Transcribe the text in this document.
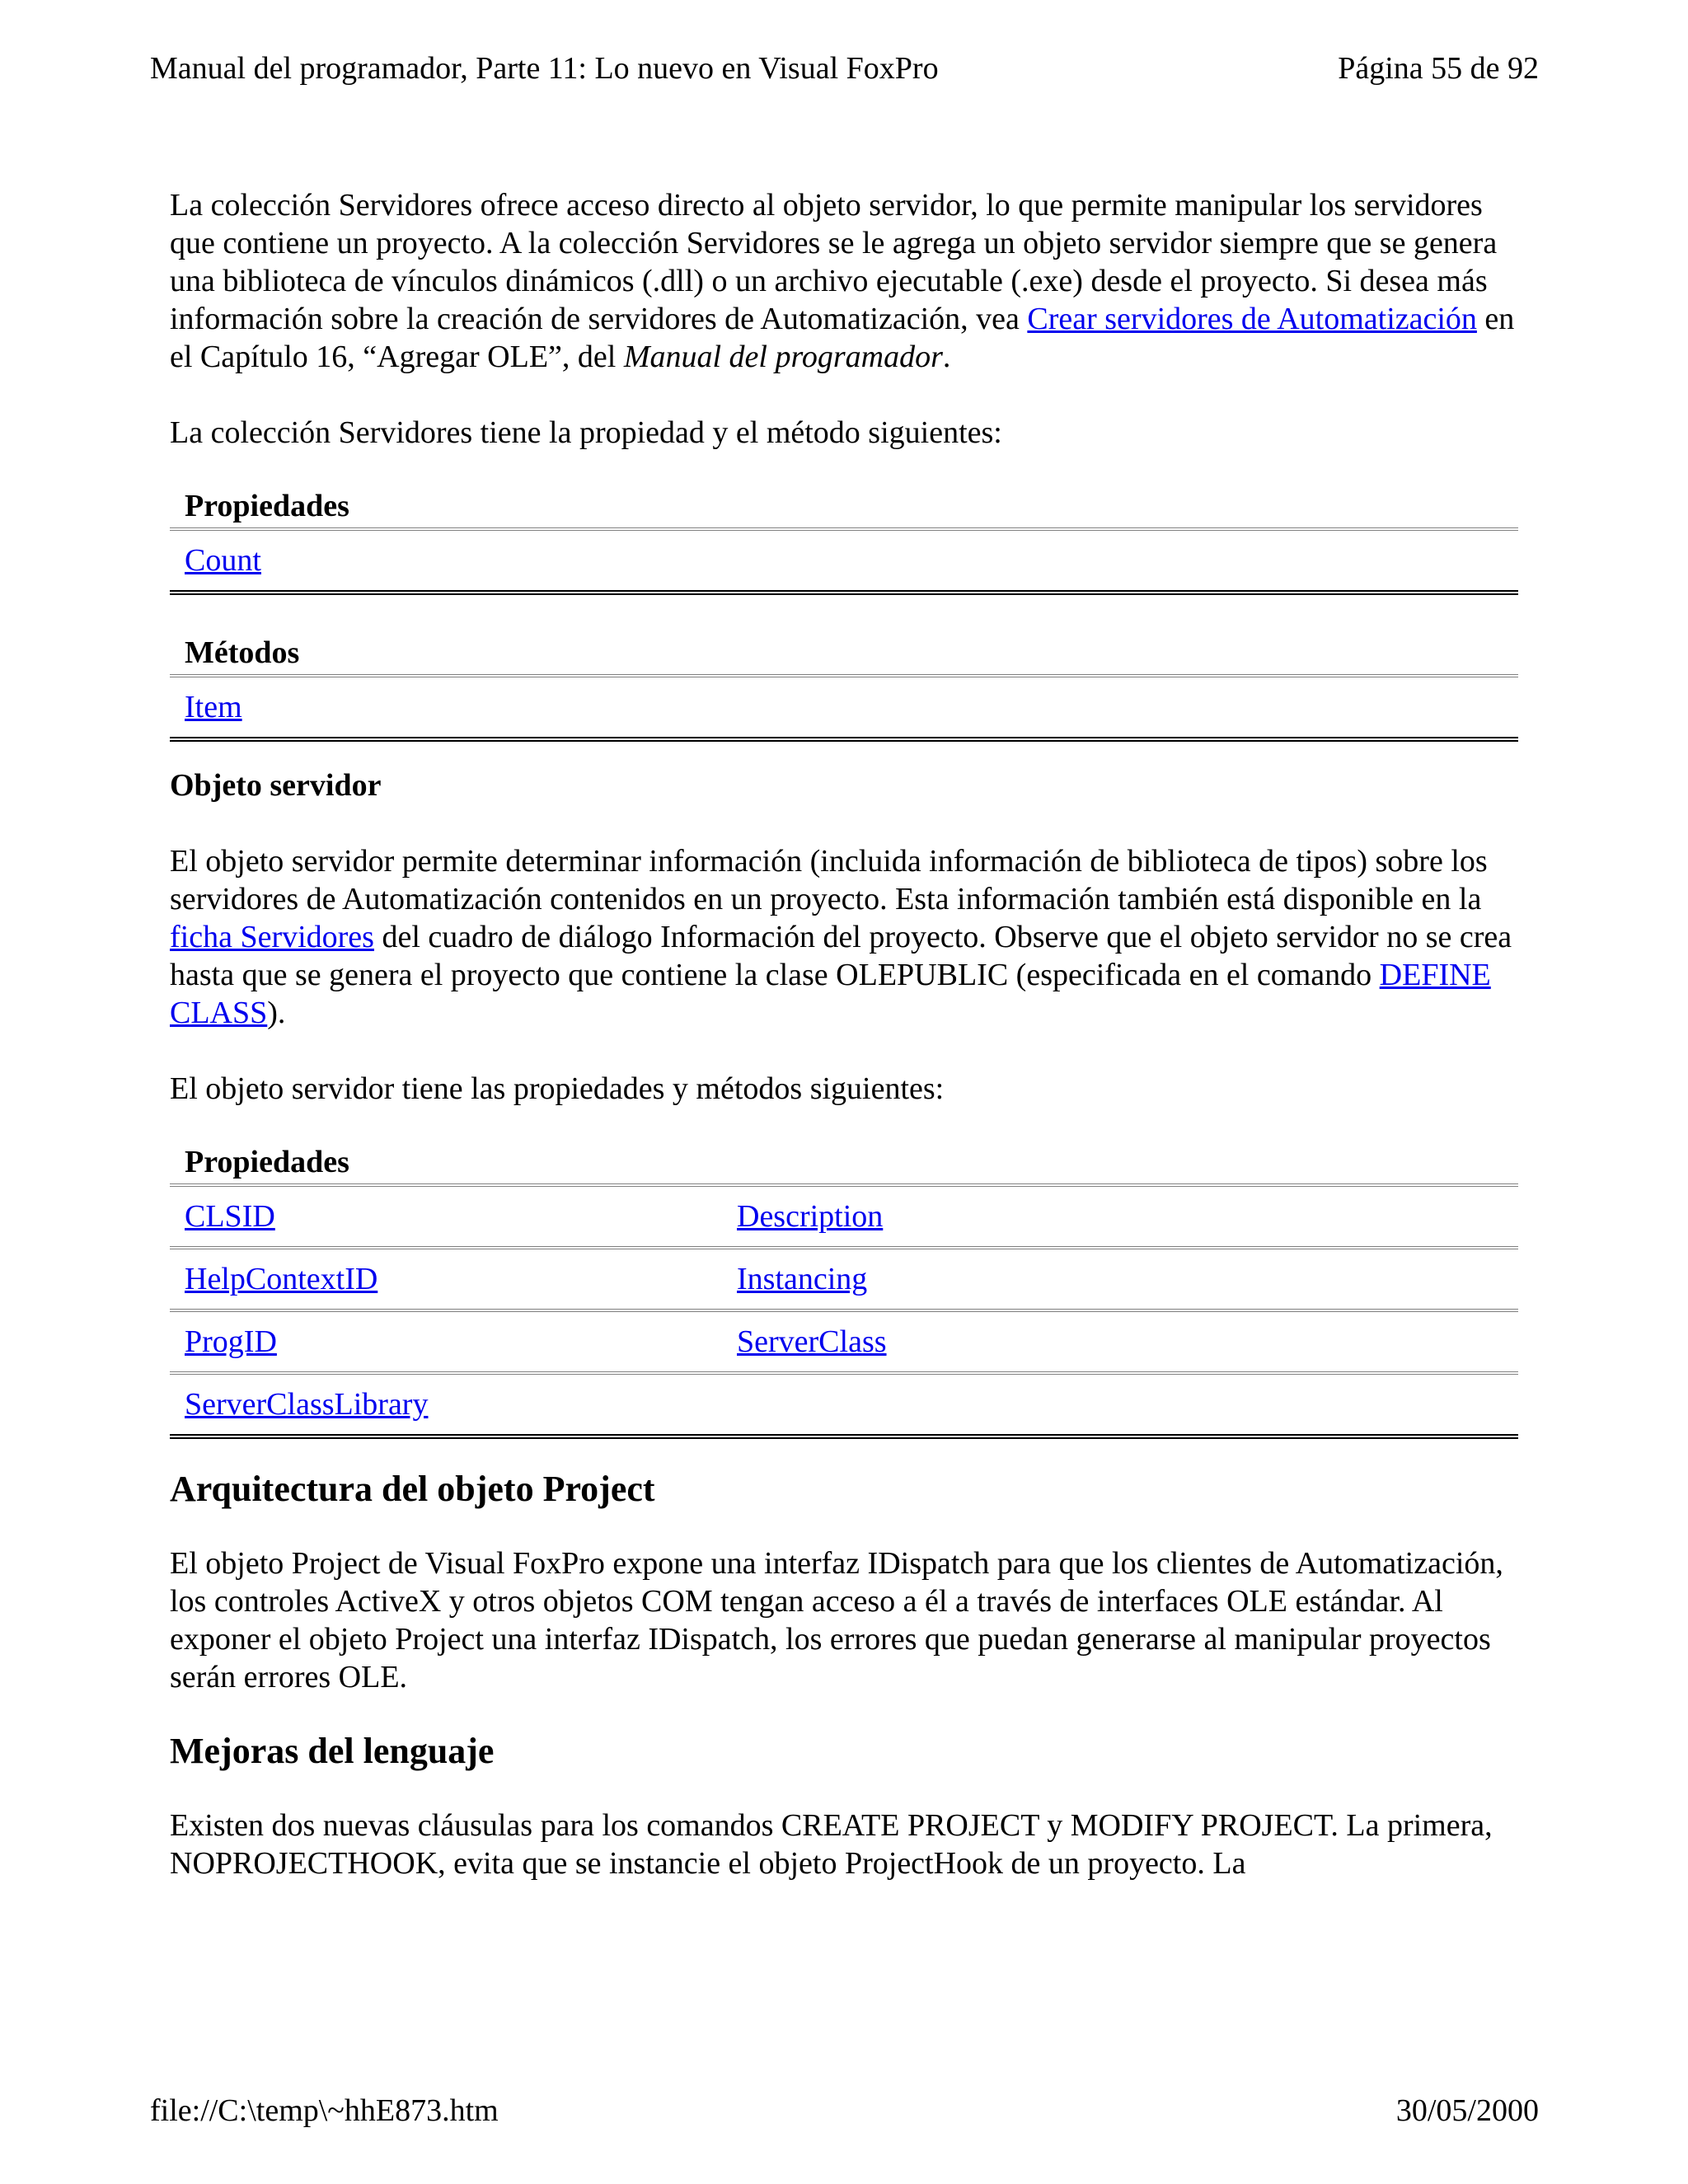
Manual del programador, Parte 11: Lo nuevo en Visual FoxPro	Página 55 de 92

La colección Servidores ofrece acceso directo al objeto servidor, lo que permite manipular los servidores que contiene un proyecto. A la colección Servidores se le agrega un objeto servidor siempre que se genera una biblioteca de vínculos dinámicos (.dll) o un archivo ejecutable (.exe) desde el proyecto. Si desea más información sobre la creación de servidores de Automatización, vea Crear servidores de Automatización en el Capítulo 16, “Agregar OLE”, del Manual del programador.

La colección Servidores tiene la propiedad y el método siguientes:

Propiedades
Count
Métodos
Item
Objeto servidor

El objeto servidor permite determinar información (incluida información de biblioteca de tipos) sobre los servidores de Automatización contenidos en un proyecto. Esta información también está disponible en la ficha Servidores del cuadro de diálogo Información del proyecto. Observe que el objeto servidor no se crea hasta que se genera el proyecto que contiene la clase OLEPUBLIC (especificada en el comando DEFINE CLASS).

El objeto servidor tiene las propiedades y métodos siguientes:

Propiedades
CLSID	Description
HelpContextID	Instancing
ProgID	ServerClass
ServerClassLibrary
Arquitectura del objeto Project

El objeto Project de Visual FoxPro expone una interfaz IDispatch para que los clientes de Automatización, los controles ActiveX y otros objetos COM tengan acceso a él a través de interfaces OLE estándar. Al exponer el objeto Project una interfaz IDispatch, los errores que puedan generarse al manipular proyectos serán errores OLE.

Mejoras del lenguaje

Existen dos nuevas cláusulas para los comandos CREATE PROJECT y MODIFY PROJECT. La primera, NOPROJECTHOOK, evita que se instancie el objeto ProjectHook de un proyecto. La

file://C:\temp\~hhE873.htm	30/05/2000
